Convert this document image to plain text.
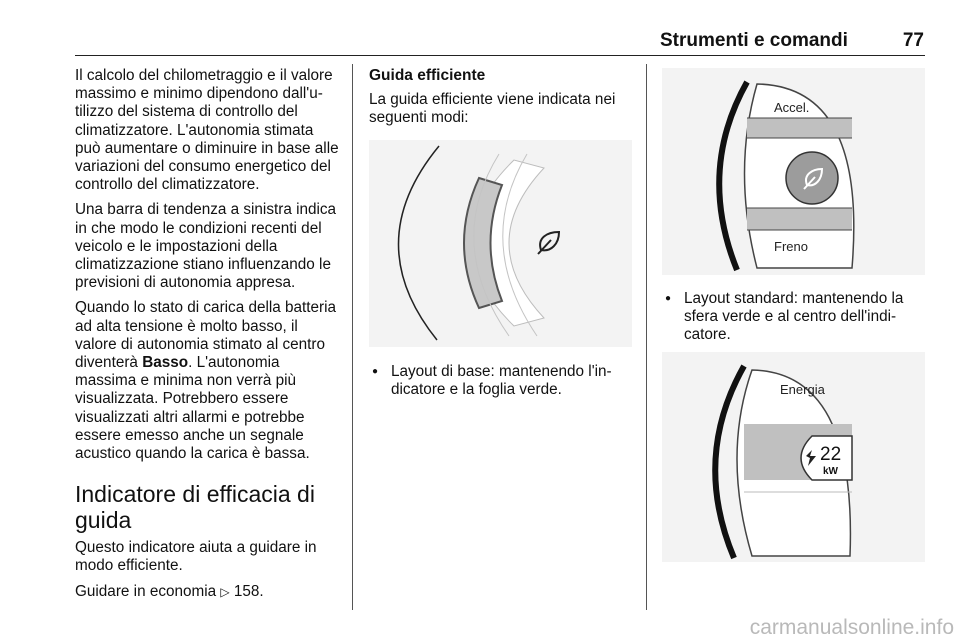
Strumenti e comandi	77

Il calcolo del chilometraggio e il valore massimo e minimo dipendono dall'utilizzo del sistema di controllo del climatizzatore. L'autonomia stimata può aumentare o diminuire in base alle variazioni del consumo energetico del controllo del climatizzatore.

Una barra di tendenza a sinistra indica in che modo le condizioni recenti del veicolo e le impostazioni della climatizzazione stiano influenzando le previsioni di autonomia appresa.

Quando lo stato di carica della batteria ad alta tensione è molto basso, il valore di autonomia stimato al centro diventerà Basso. L'autonomia massima e minima non verrà più visualizzata. Potrebbero essere visualizzati altri allarmi e potrebbe essere emesso anche un segnale acustico quando la carica è bassa.

Indicatore di efficacia di guida

Questo indicatore aiuta a guidare in modo efficiente.

Guidare in economia ▷ 158.

Guida efficiente

La guida efficiente viene indicata nei seguenti modi:

● Layout di base: mantenendo l'indicatore e la foglia verde.

Accel.
Freno

● Layout standard: mantenendo la sfera verde e al centro dell'indicatore.

Energia
22
kW
carmanualsonline.info
